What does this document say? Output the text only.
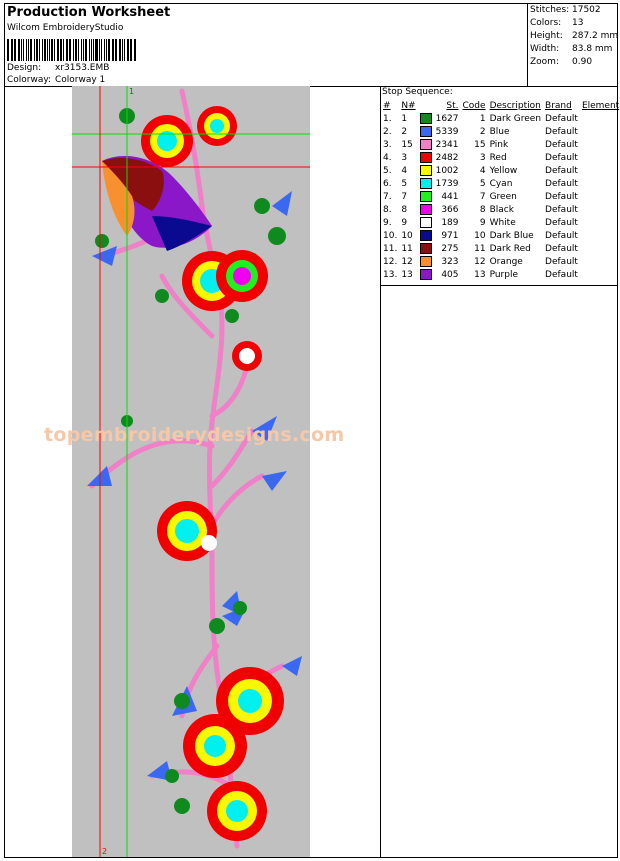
Production Worksheet
Wilcom EmbroideryStudio
Design: xr3153.EMB
Colorway: Colorway 1
Stitches: 17502
Colors: 13
Height: 287.2 mm
Width: 83.8 mm
Zoom: 0.90
1
2
topembroiderydesigns.com
Stop Sequence:
#	N#		St.	Code	Description	Brand	Element
1.	1		1627	1	Dark Green	Default	
2.	2		5339	2	Blue	Default	
3.	15		2341	15	Pink	Default	
4.	3		2482	3	Red	Default	
5.	4		1002	4	Yellow	Default	
6.	5		1739	5	Cyan	Default	
7.	7		441	7	Green	Default	
8.	8		366	8	Black	Default	
9.	9		189	9	White	Default	
10.	10		971	10	Dark Blue	Default	
11.	11		275	11	Dark Red	Default	
12.	12		323	12	Orange	Default	
13.	13		405	13	Purple	Default	
